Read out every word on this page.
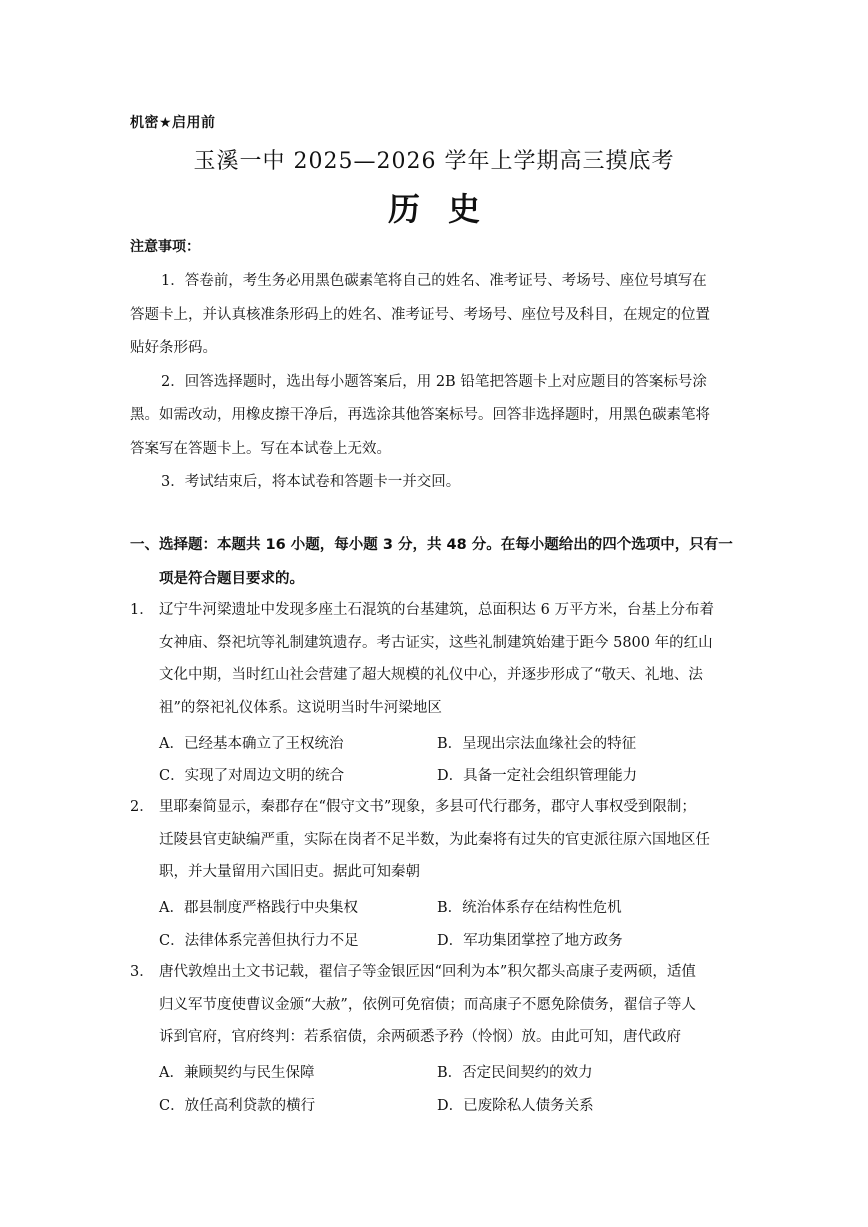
机密★启用前
玉溪一中 2025—2026 学年上学期高三摸底考
历 史
注意事项：
1．答卷前，考生务必用黑色碳素笔将自己的姓名、准考证号、考场号、座位号填写在
答题卡上，并认真核准条形码上的姓名、准考证号、考场号、座位号及科目，在规定的位置
贴好条形码。
2．回答选择题时，选出每小题答案后，用 2B 铅笔把答题卡上对应题目的答案标号涂
黑。如需改动，用橡皮擦干净后，再选涂其他答案标号。回答非选择题时，用黑色碳素笔将
答案写在答题卡上。写在本试卷上无效。
3．考试结束后，将本试卷和答题卡一并交回。
一、选择题：本题共 16 小题，每小题 3 分，共 48 分。在每小题给出的四个选项中，只有一
项是符合题目要求的。
1． 辽宁牛河梁遗址中发现多座土石混筑的台基建筑，总面积达 6 万平方米，台基上分布着
女神庙、祭祀坑等礼制建筑遗存。考古证实，这些礼制建筑始建于距今 5800 年的红山
文化中期，当时红山社会营建了超大规模的礼仪中心，并逐步形成了“敬天、礼地、法
祖”的祭祀礼仪体系。这说明当时牛河梁地区
A．已经基本确立了王权统治	B．呈现出宗法血缘社会的特征
C．实现了对周边文明的统合	D．具备一定社会组织管理能力
2． 里耶秦简显示，秦郡存在“假守文书”现象，多县可代行郡务，郡守人事权受到限制；
迁陵县官吏缺编严重，实际在岗者不足半数，为此秦将有过失的官吏派往原六国地区任
职，并大量留用六国旧吏。据此可知秦朝
A．郡县制度严格践行中央集权	B．统治体系存在结构性危机
C．法律体系完善但执行力不足	D．军功集团掌控了地方政务
3． 唐代敦煌出土文书记载，翟信子等金银匠因“回利为本”积欠都头高康子麦两硕，适值
归义军节度使曹议金颁“大赦”，依例可免宿债；而高康子不愿免除债务，翟信子等人
诉到官府，官府终判：若系宿债，余两硕悉予矜（怜悯）放。由此可知，唐代政府
A．兼顾契约与民生保障	B．否定民间契约的效力
C．放任高利贷款的横行	D．已废除私人债务关系
